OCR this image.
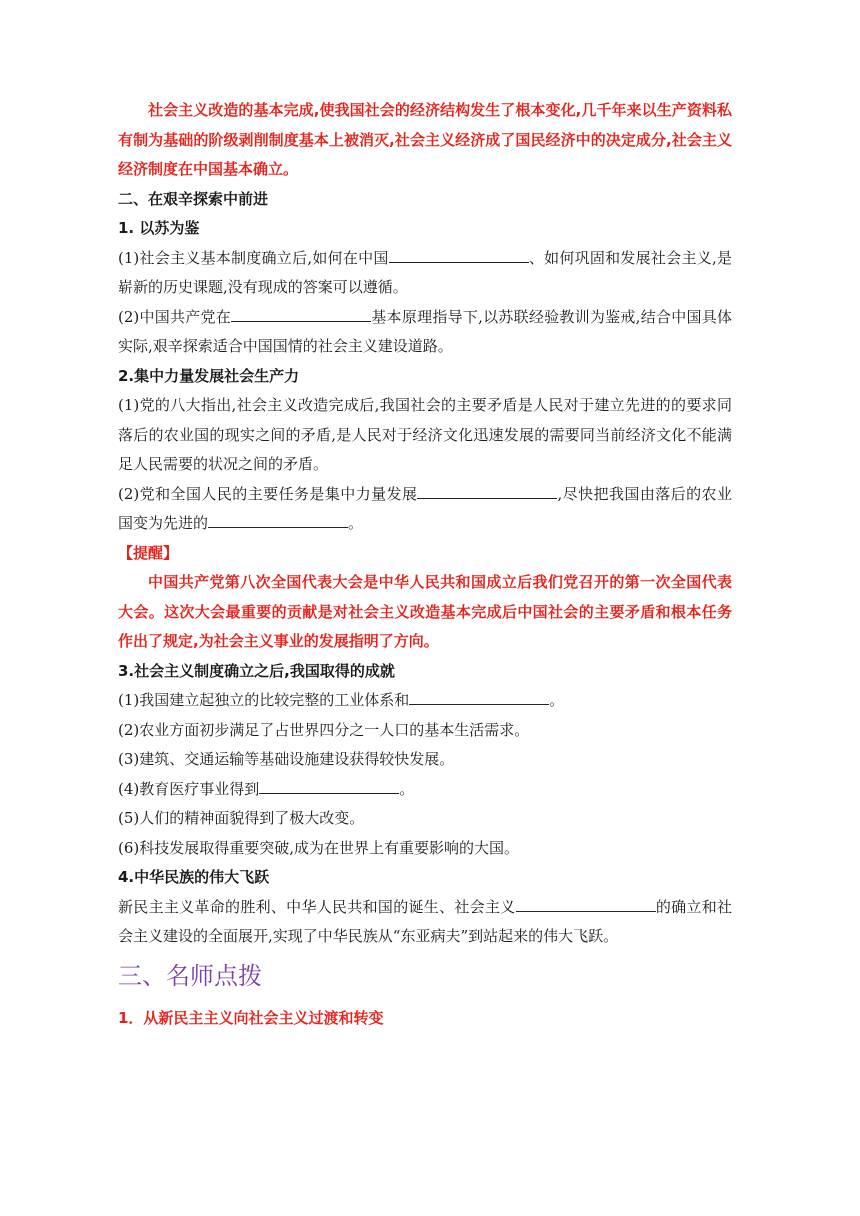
社会主义改造的基本完成,使我国社会的经济结构发生了根本变化,几千年来以生产资料私有制为基础的阶级剥削制度基本上被消灭,社会主义经济成了国民经济中的决定成分,社会主义经济制度在中国基本确立。

二、在艰辛探索中前进

1. 以苏为鉴

(1)社会主义基本制度确立后,如何在中国	、如何巩固和发展社会主义,是崭新的历史课题,没有现成的答案可以遵循。

(2)中国共产党在	基本原理指导下,以苏联经验教训为鉴戒,结合中国具体实际,艰辛探索适合中国国情的社会主义建设道路。

2.集中力量发展社会生产力

(1)党的八大指出,社会主义改造完成后,我国社会的主要矛盾是人民对于建立先进的的要求同落后的农业国的现实之间的矛盾,是人民对于经济文化迅速发展的需要同当前经济文化不能满足人民需要的状况之间的矛盾。

(2)党和全国人民的主要任务是集中力量发展	,尽快把我国由落后的农业国变为先进的	。

【提醒】

中国共产党第八次全国代表大会是中华人民共和国成立后我们党召开的第一次全国代表大会。这次大会最重要的贡献是对社会主义改造基本完成后中国社会的主要矛盾和根本任务作出了规定,为社会主义事业的发展指明了方向。

3.社会主义制度确立之后,我国取得的成就

(1)我国建立起独立的比较完整的工业体系和	。

(2)农业方面初步满足了占世界四分之一人口的基本生活需求。

(3)建筑、交通运输等基础设施建设获得较快发展。

(4)教育医疗事业得到	。

(5)人们的精神面貌得到了极大改变。

(6)科技发展取得重要突破,成为在世界上有重要影响的大国。

4.中华民族的伟大飞跃

新民主主义革命的胜利、中华人民共和国的诞生、社会主义	的确立和社会主义建设的全面展开,实现了中华民族从“东亚病夫”到站起来的伟大飞跃。

三、名师点拨

1．从新民主主义向社会主义过渡和转变
